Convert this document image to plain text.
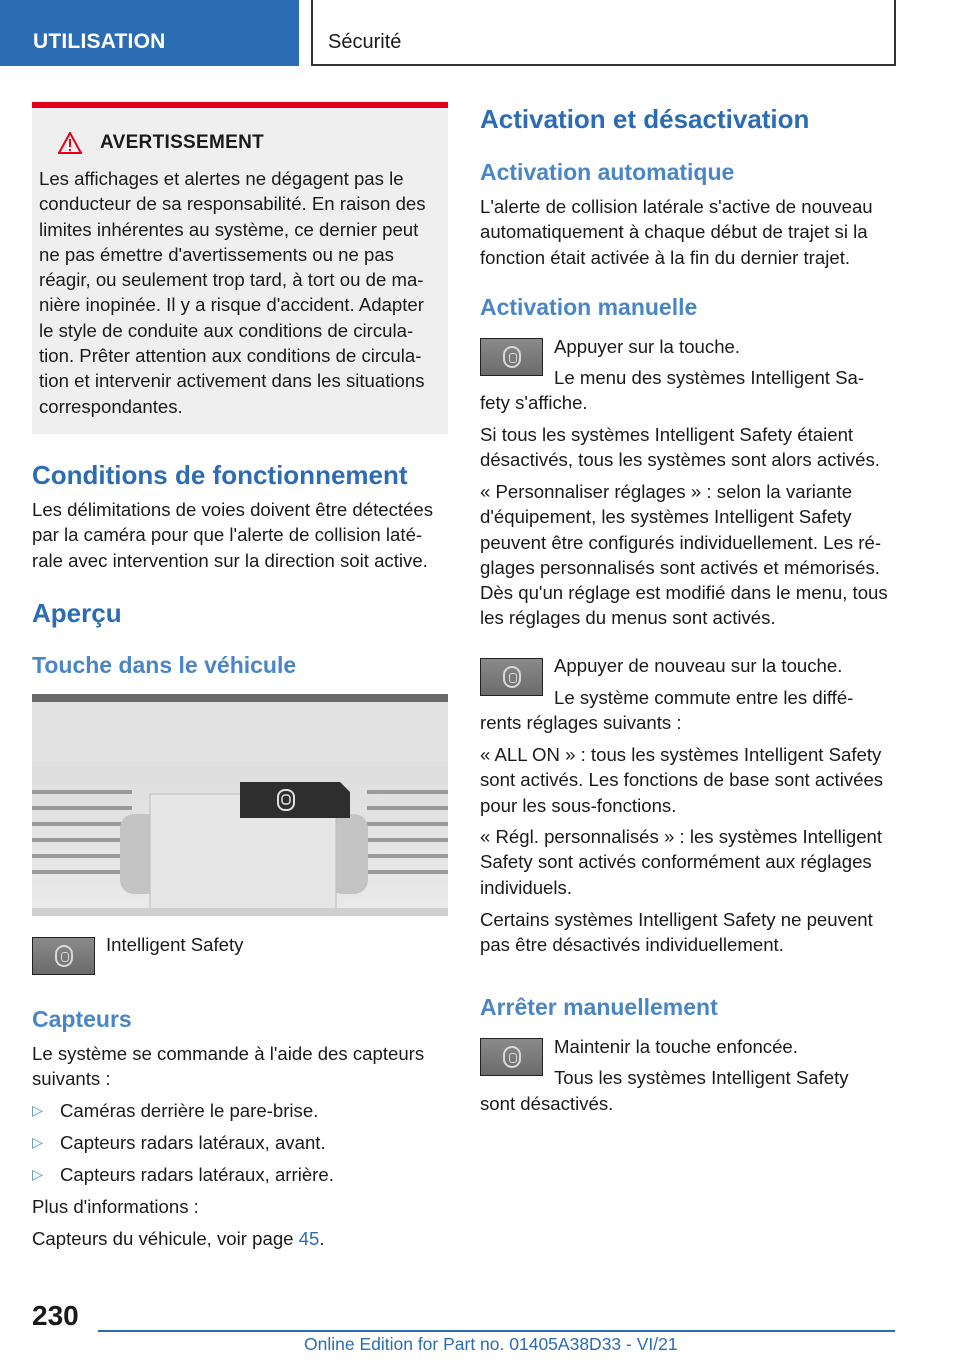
UTILISATION	Sécurité
AVERTISSEMENT
Les affichages et alertes ne dégagent pas le conducteur de sa responsabilité. En raison des limites inhérentes au système, ce dernier peut ne pas émettre d'avertissements ou ne pas réagir, ou seulement trop tard, à tort ou de ma‐nière inopinée. Il y a risque d'accident. Adapter le style de conduite aux conditions de circula‐tion. Prêter attention aux conditions de circula‐tion et intervenir activement dans les situations correspondantes.
Conditions de fonctionnement
Les délimitations de voies doivent être détectées par la caméra pour que l'alerte de collision laté‐rale avec intervention sur la direction soit active.
Aperçu
Touche dans le véhicule
Intelligent Safety
Capteurs
Le système se commande à l'aide des capteurs suivants :
▷ Caméras derrière le pare-brise.
▷ Capteurs radars latéraux, avant.
▷ Capteurs radars latéraux, arrière.
Plus d'informations :
Capteurs du véhicule, voir page 45.
Activation et désactivation
Activation automatique
L'alerte de collision latérale s'active de nouveau automatiquement à chaque début de trajet si la fonction était activée à la fin du dernier trajet.
Activation manuelle
Appuyer sur la touche.
Le menu des systèmes Intelligent Sa‐
fety s'affiche.
Si tous les systèmes Intelligent Safety étaient désactivés, tous les systèmes sont alors activés.
« Personnaliser réglages » : selon la variante d'équipement, les systèmes Intelligent Safety peuvent être configurés individuellement. Les ré‐glages personnalisés sont activés et mémorisés. Dès qu'un réglage est modifié dans le menu, tous les réglages du menus sont activés.
Appuyer de nouveau sur la touche.
Le système commute entre les diffé‐
rents réglages suivants :
« ALL ON » : tous les systèmes Intelligent Safety sont activés. Les fonctions de base sont activées pour les sous-fonctions.
« Régl. personnalisés » : les systèmes Intelligent Safety sont activés conformément aux réglages individuels.
Certains systèmes Intelligent Safety ne peuvent pas être désactivés individuellement.
Arrêter manuellement
Maintenir la touche enfoncée.
Tous les systèmes Intelligent Safety
sont désactivés.
230
Online Edition for Part no. 01405A38D33 - VI/21
